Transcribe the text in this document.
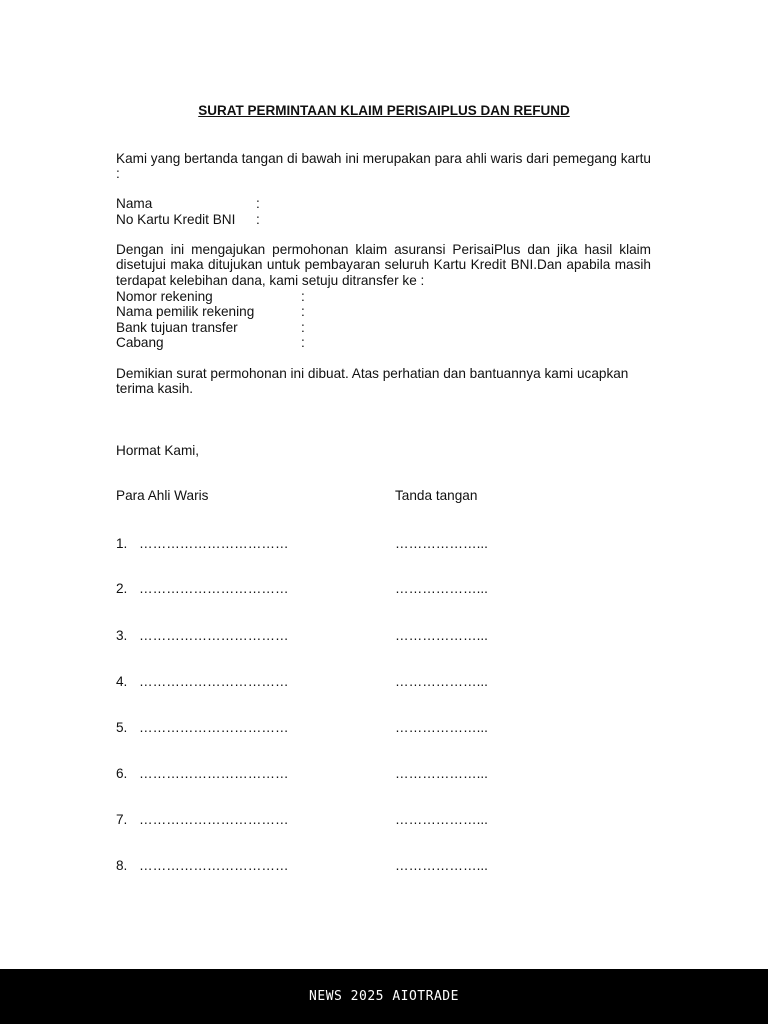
SURAT PERMINTAAN KLAIM PERISAIPLUS DAN REFUND
Kami yang bertanda tangan di bawah ini merupakan para ahli waris dari pemegang kartu :
Nama	:
No Kartu Kredit BNI :
Dengan ini mengajukan permohonan klaim asuransi PerisaiPlus dan jika hasil klaim disetujui maka ditujukan untuk pembayaran seluruh Kartu Kredit BNI.Dan apabila masih terdapat kelebihan dana, kami setuju ditransfer ke :
Nomor rekening	:
Nama pemilik rekening	:
Bank tujuan transfer	:
Cabang	:
Demikian surat permohonan ini dibuat. Atas perhatian dan bantuannya kami ucapkan terima kasih.
Hormat Kami,
Para Ahli Waris	Tanda tangan
1. ……………………………	………………...
2. ……………………………	………………...
3. ……………………………	………………...
4. ……………………………	………………...
5. ……………………………	………………...
6. ……………………………	………………...
7. ……………………………	………………...
8. ……………………………	………………...
NEWS 2025 AIOTRADE
